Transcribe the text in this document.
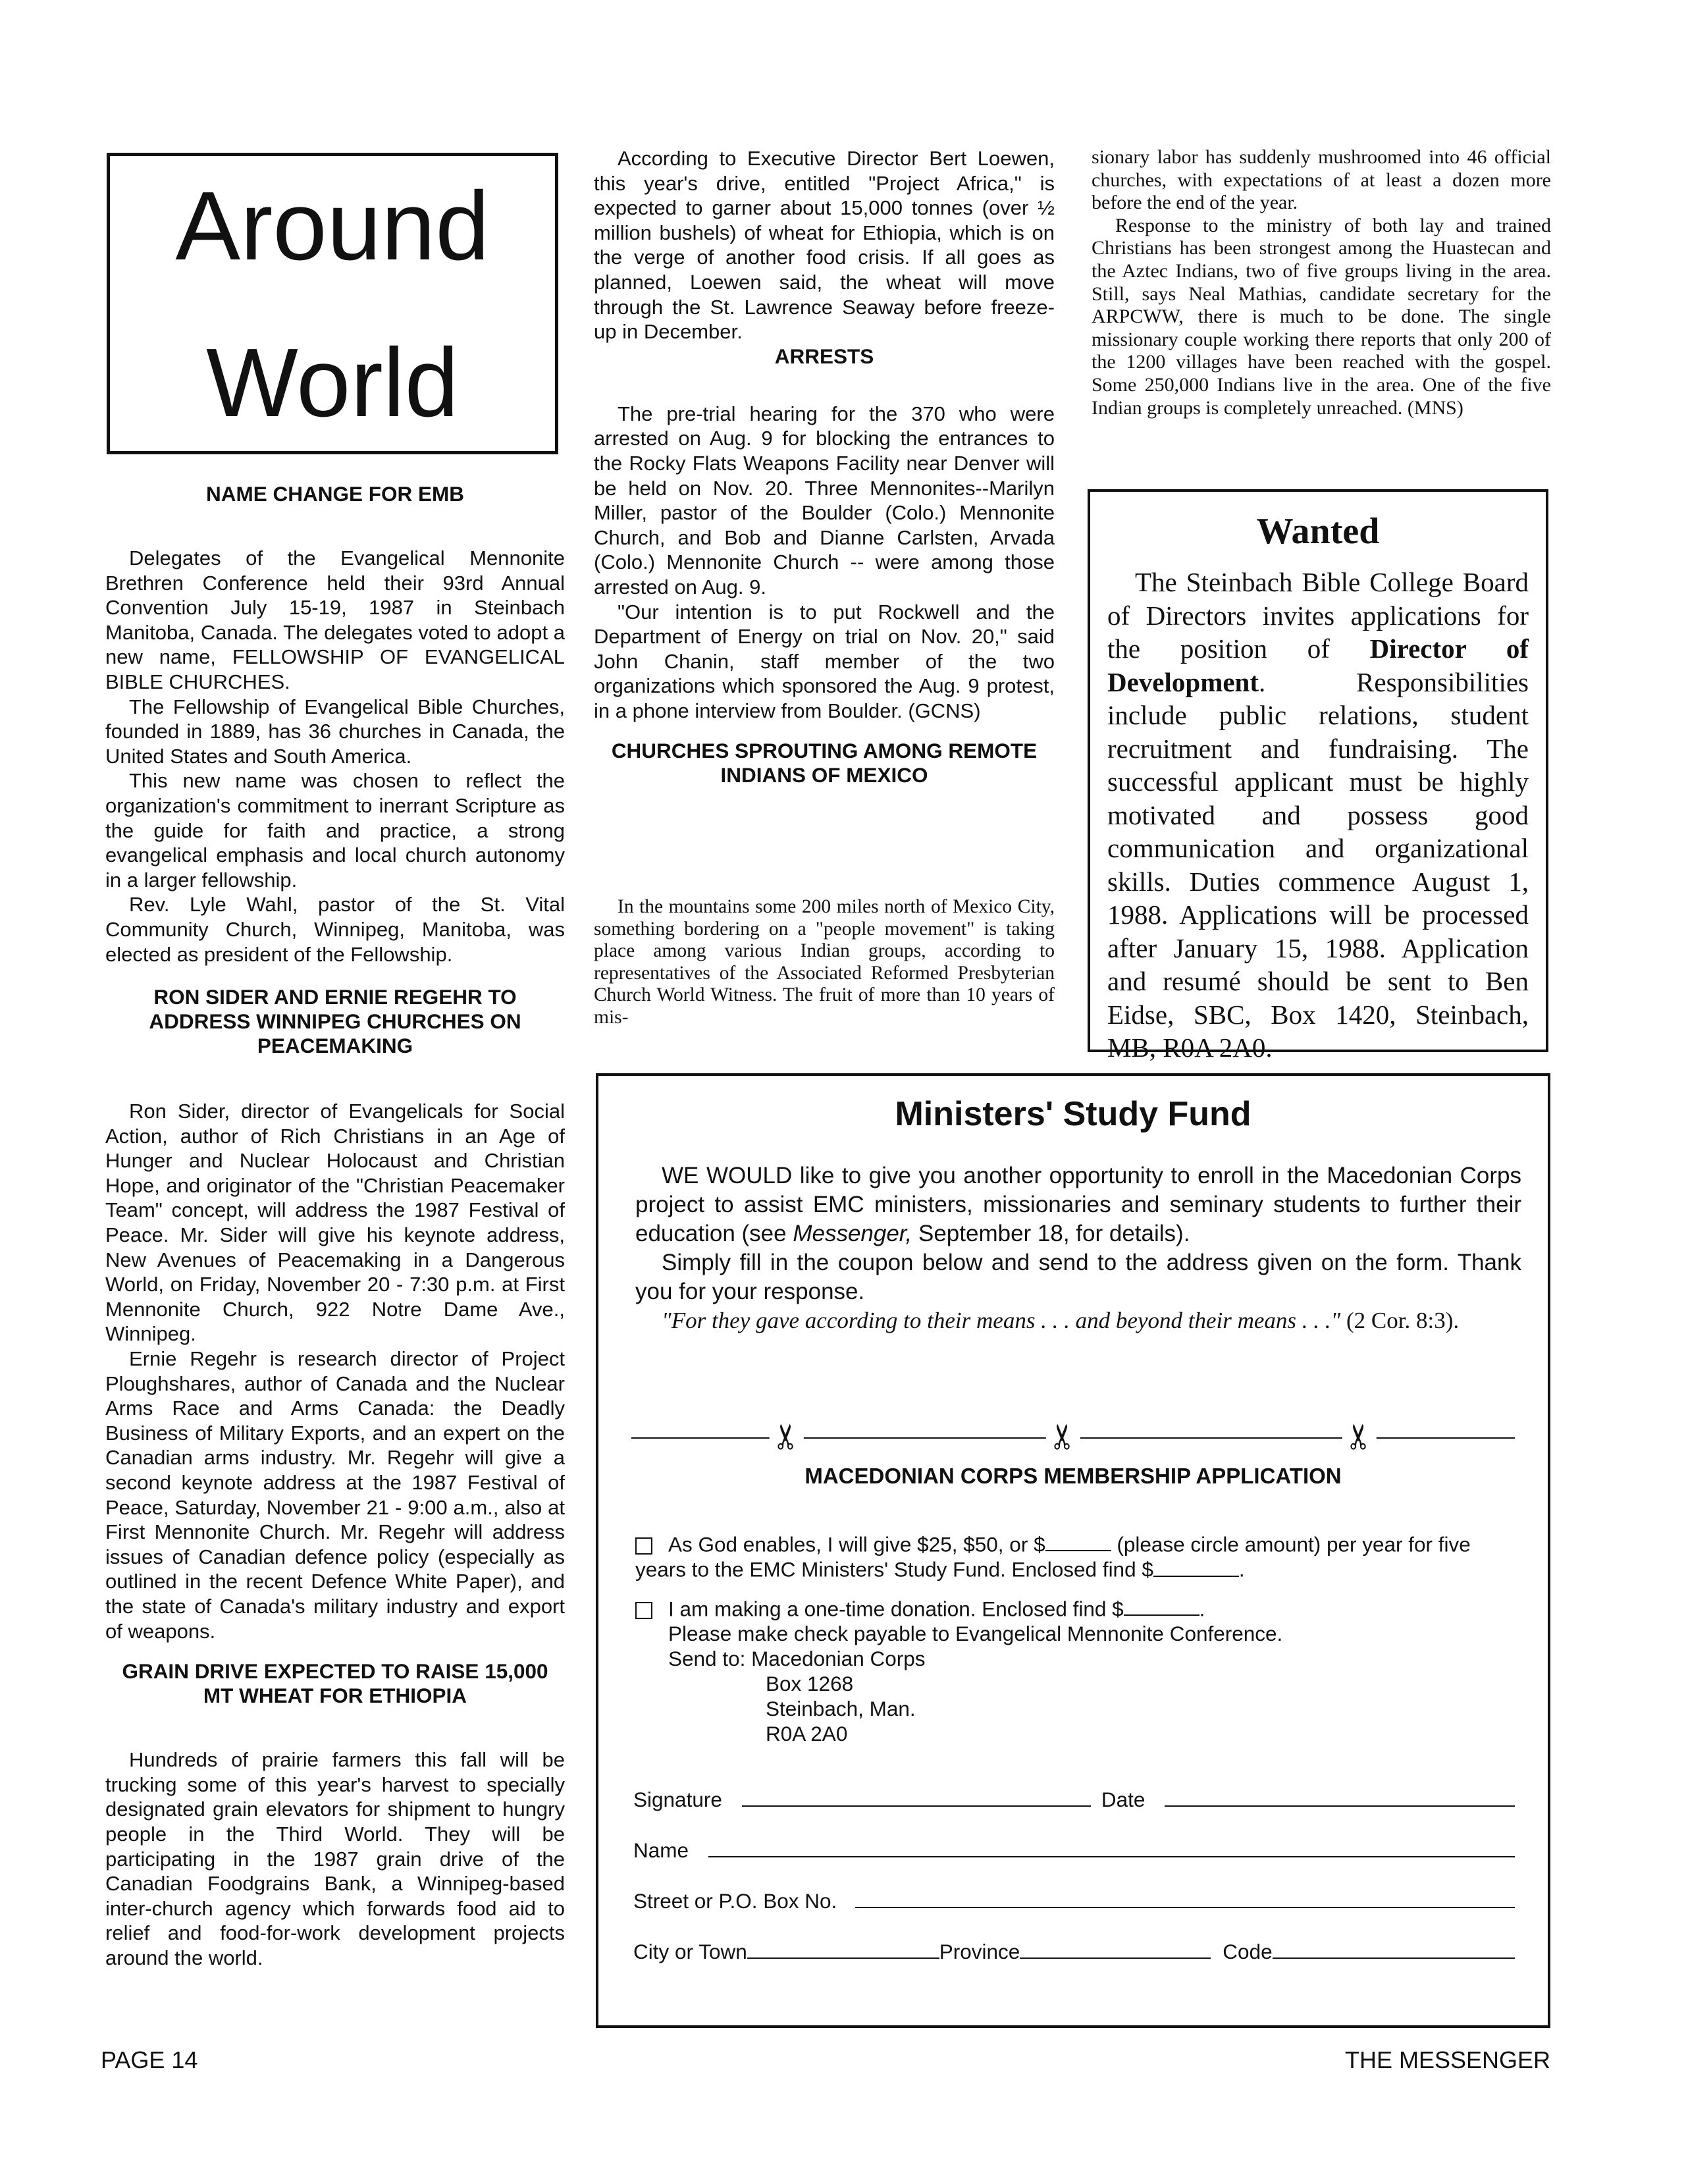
Around
World
NAME CHANGE FOR EMB

Delegates of the Evangelical Mennonite Brethren Conference held their 93rd Annual Convention July 15-19, 1987 in Steinbach Manitoba, Canada. The delegates voted to adopt a new name, FELLOWSHIP OF EVANGELICAL BIBLE CHURCHES.

The Fellowship of Evangelical Bible Churches, founded in 1889, has 36 churches in Canada, the United States and South America.

This new name was chosen to reflect the organization's commitment to inerrant Scripture as the guide for faith and practice, a strong evangelical emphasis and local church autonomy in a larger fellowship.

Rev. Lyle Wahl, pastor of the St. Vital Community Church, Winnipeg, Manitoba, was elected as president of the Fellowship.

RON SIDER AND ERNIE REGEHR TO ADDRESS WINNIPEG CHURCHES ON PEACEMAKING

Ron Sider, director of Evangelicals for Social Action, author of Rich Christians in an Age of Hunger and Nuclear Holocaust and Christian Hope, and originator of the "Christian Peacemaker Team" concept, will address the 1987 Festival of Peace. Mr. Sider will give his keynote address, New Avenues of Peacemaking in a Dangerous World, on Friday, November 20 - 7:30 p.m. at First Mennonite Church, 922 Notre Dame Ave., Winnipeg.

Ernie Regehr is research director of Project Ploughshares, author of Canada and the Nuclear Arms Race and Arms Canada: the Deadly Business of Military Exports, and an expert on the Canadian arms industry. Mr. Regehr will give a second keynote address at the 1987 Festival of Peace, Saturday, November 21 - 9:00 a.m., also at First Mennonite Church. Mr. Regehr will address issues of Canadian defence policy (especially as outlined in the recent Defence White Paper), and the state of Canada's military industry and export of weapons.

GRAIN DRIVE EXPECTED TO RAISE 15,000 MT WHEAT FOR ETHIOPIA

Hundreds of prairie farmers this fall will be trucking some of this year's harvest to specially designated grain elevators for shipment to hungry people in the Third World. They will be participating in the 1987 grain drive of the Canadian Foodgrains Bank, a Winnipeg-based inter-church agency which forwards food aid to relief and food-for-work development projects around the world.

According to Executive Director Bert Loewen, this year's drive, entitled "Project Africa," is expected to garner about 15,000 tonnes (over ½ million bushels) of wheat for Ethiopia, which is on the verge of another food crisis. If all goes as planned, Loewen said, the wheat will move through the St. Lawrence Seaway before freeze-up in December.

ARRESTS

The pre-trial hearing for the 370 who were arrested on Aug. 9 for blocking the entrances to the Rocky Flats Weapons Facility near Denver will be held on Nov. 20. Three Mennonites--Marilyn Miller, pastor of the Boulder (Colo.) Mennonite Church, and Bob and Dianne Carlsten, Arvada (Colo.) Mennonite Church -- were among those arrested on Aug. 9.

"Our intention is to put Rockwell and the Department of Energy on trial on Nov. 20," said John Chanin, staff member of the two organizations which sponsored the Aug. 9 protest, in a phone interview from Boulder. (GCNS)

CHURCHES SPROUTING AMONG REMOTE INDIANS OF MEXICO

In the mountains some 200 miles north of Mexico City, something bordering on a "people movement" is taking place among various Indian groups, according to representatives of the Associated Reformed Presbyterian Church World Witness. The fruit of more than 10 years of mis-

sionary labor has suddenly mushroomed into 46 official churches, with expectations of at least a dozen more before the end of the year.

Response to the ministry of both lay and trained Christians has been strongest among the Huastecan and the Aztec Indians, two of five groups living in the area. Still, says Neal Mathias, candidate secretary for the ARPCWW, there is much to be done. The single missionary couple working there reports that only 200 of the 1200 villages have been reached with the gospel. Some 250,000 Indians live in the area. One of the five Indian groups is completely unreached. (MNS)

Wanted
The Steinbach Bible College Board of Directors invites applications for the position of Director of Development. Responsibilities include public relations, student recruitment and fundraising. The successful applicant must be highly motivated and possess good communication and organizational skills. Duties commence August 1, 1988. Applications will be processed after January 15, 1988. Application and resumé should be sent to Ben Eidse, SBC, Box 1420, Steinbach, MB, R0A 2A0.
Ministers' Study Fund
WE WOULD like to give you another opportunity to enroll in the Macedonian Corps project to assist EMC ministers, missionaries and seminary students to further their education (see Messenger, September 18, for details).
Simply fill in the coupon below and send to the address given on the form. Thank you for your response.
"For they gave according to their means . . . and beyond their means . . ." (2 Cor. 8:3).
✂	✂	✂
MACEDONIAN CORPS MEMBERSHIP APPLICATION
As God enables, I will give $25, $50, or $	(please circle amount) per year for five years to the EMC Ministers' Study Fund. Enclosed find $	.
I am making a one-time donation. Enclosed find $	.
Please make check payable to Evangelical Mennonite Conference.
Send to: Macedonian Corps
Box 1268
Steinbach, Man.
R0A 2A0
Signature	Date
Name
Street or P.O. Box No.
City or Town	Province	Code
PAGE 14	THE MESSENGER
